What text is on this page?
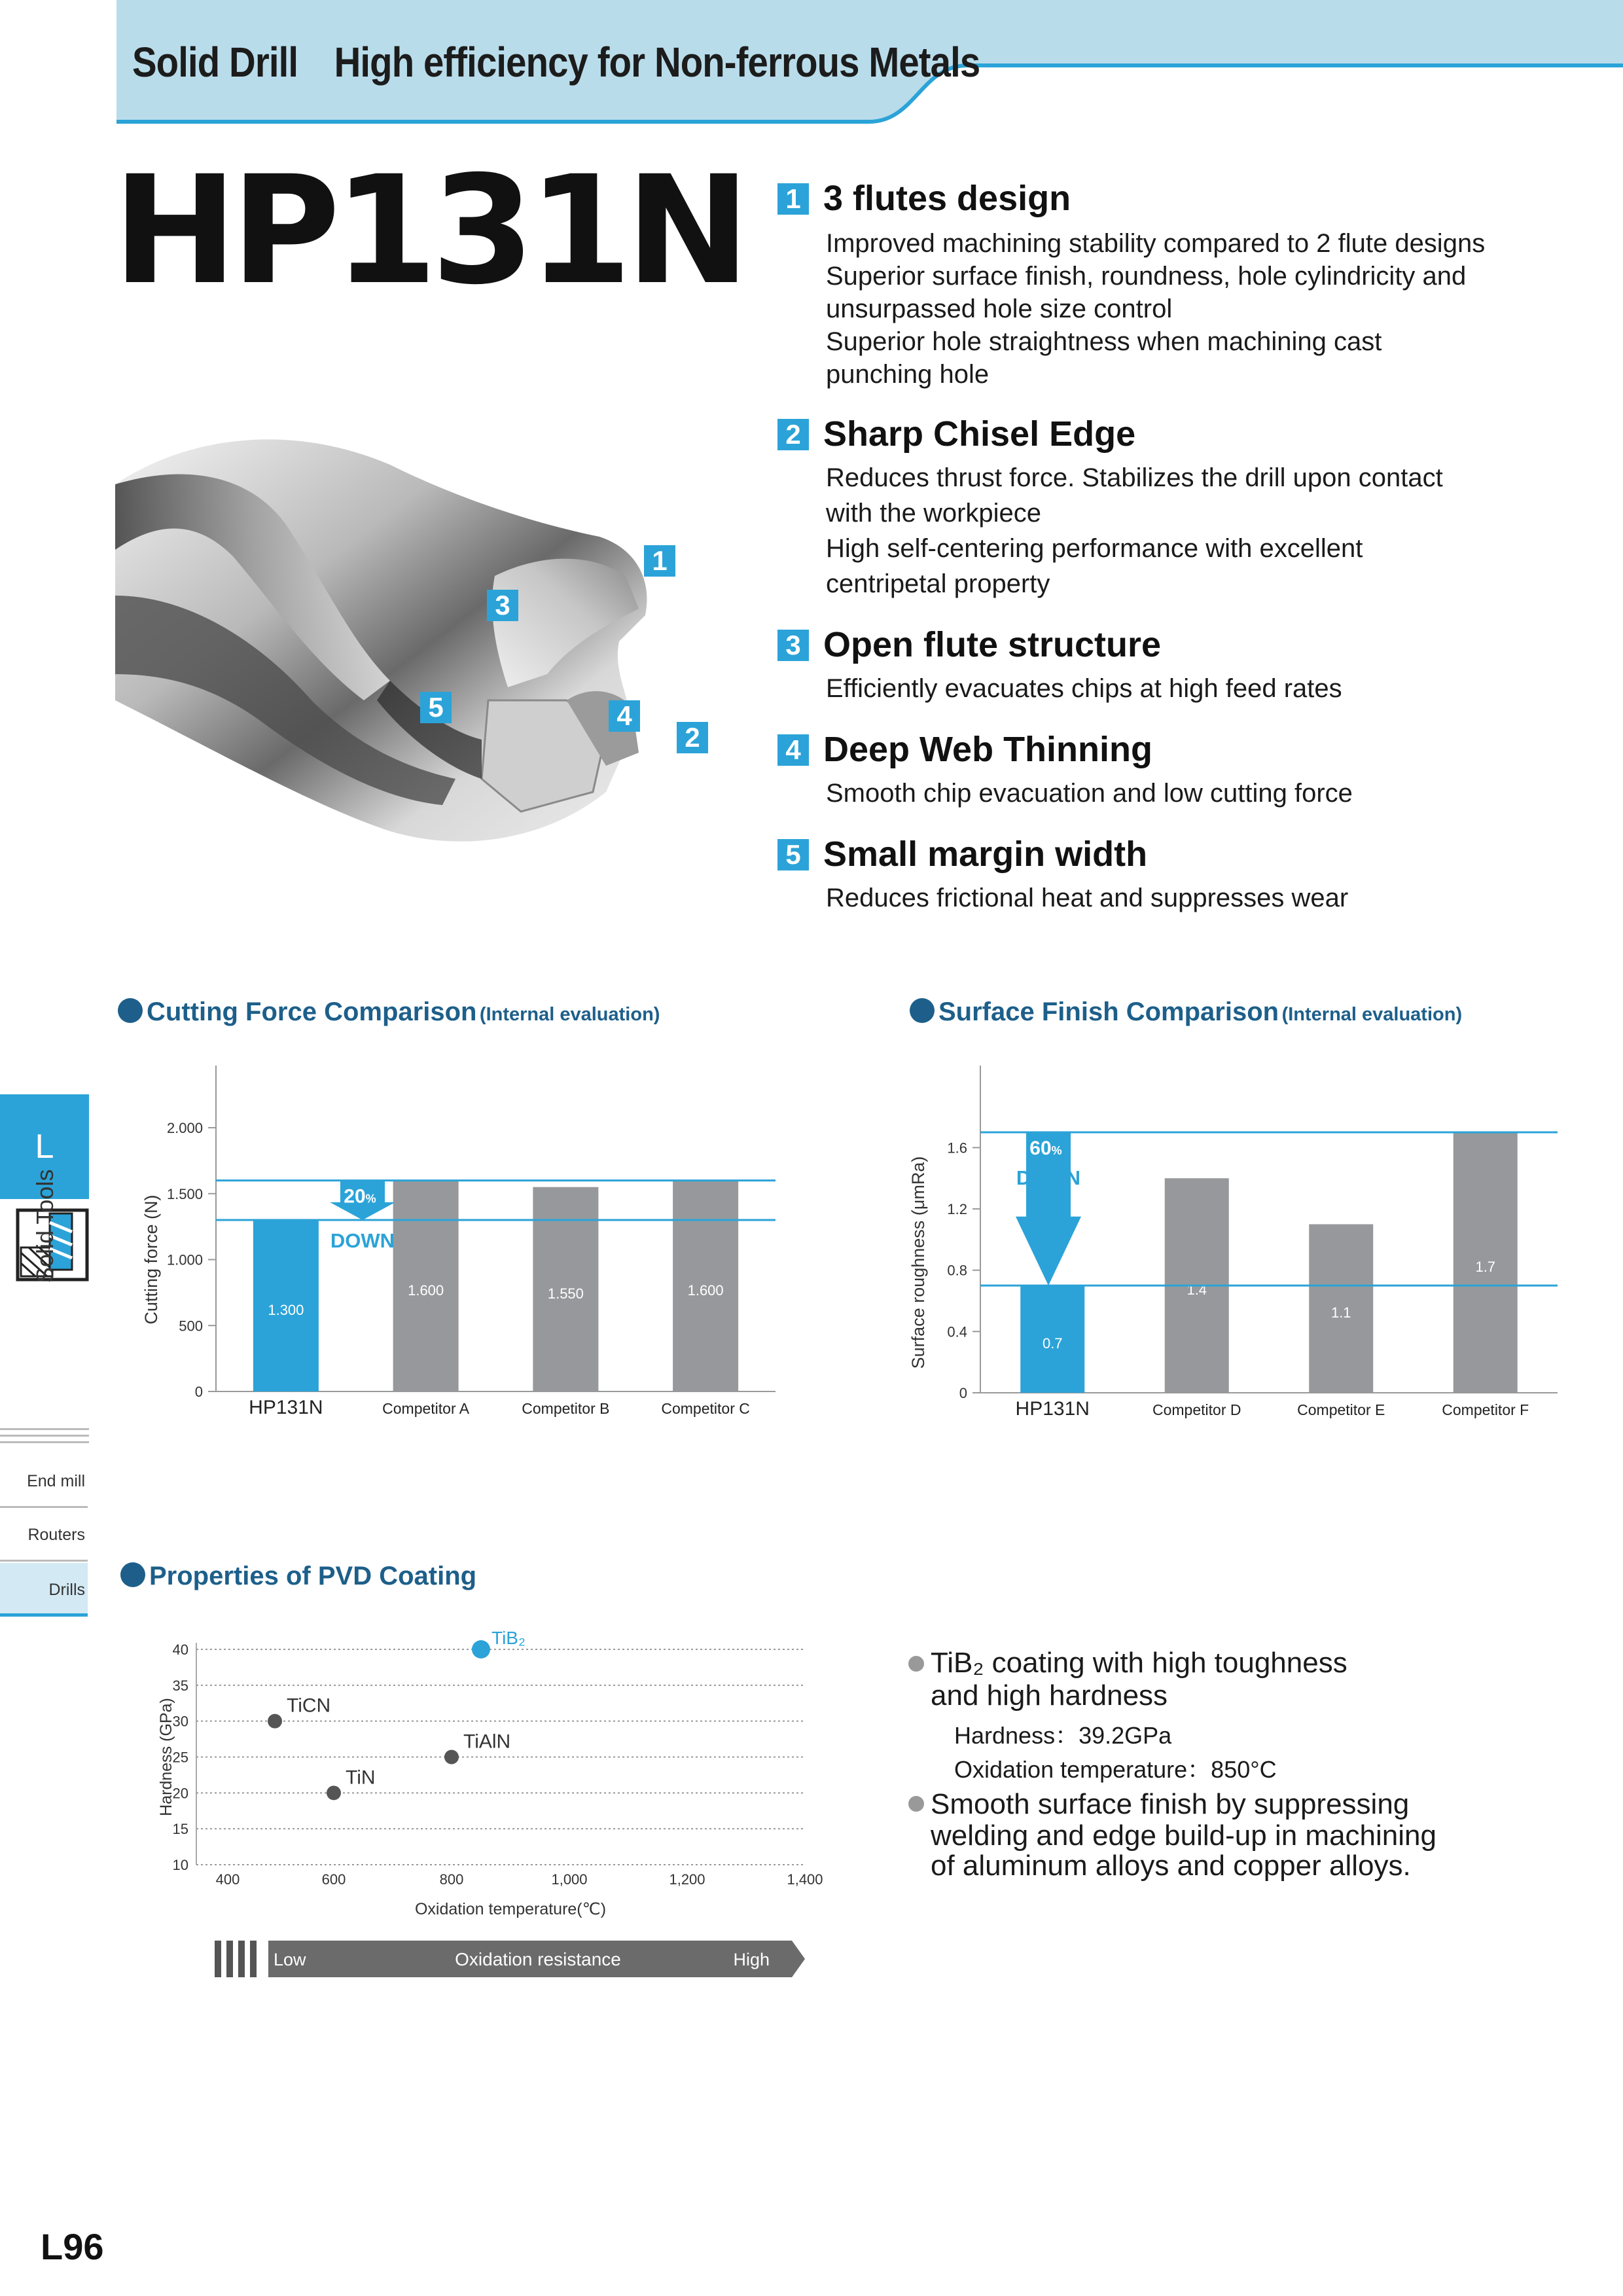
Solid Drill High efficiency for Non-ferrous Metals
HP131N
1
2
3
4
5
1 3 flutes design
Improved machining stability compared to 2 flute designs
Superior surface finish, roundness, hole cylindricity and
unsurpassed hole size control
Superior hole straightness when machining cast
punching hole
2 Sharp Chisel Edge
Reduces thrust force. Stabilizes the drill upon contact
with the workpiece
High self-centering performance with excellent
centripetal property
3 Open flute structure
Efficiently evacuates chips at high feed rates
4 Deep Web Thinning
Smooth chip evacuation and low cutting force
5 Small margin width
Reduces frictional heat and suppresses wear
Cutting Force Comparison (Internal evaluation)	Surface Finish Comparison (Internal evaluation)
Properties of PVD Coating
L
Solid Tools
End mill
Routers
Drills
0
500
1.000
1.500
2.000
Cutting force (N)	1.300
HP131N
1.600
Competitor A
1.550
Competitor B
1.600
Competitor C
20%
DOWN
0
0.4
0.8
1.2
1.6
Surface roughness (μmRa)	0.7
HP131N
1.4
Competitor D
1.1
Competitor E
1.7
Competitor F
60%
DOWN
10
15
20
25
30
35
40
400	600	800	1,000	1,200	1,400
Oxidation temperature(℃)
Hardness (GPa)	TiCN
TiN
TiAlN
TiB₂
Low	Oxidation resistance	High
TiB₂ coating with high toughness
and high hardness
Hardness：39.2GPa
Oxidation temperature：850°C
Smooth surface finish by suppressing
welding and edge build-up in machining
of aluminum alloys and copper alloys.
L96
